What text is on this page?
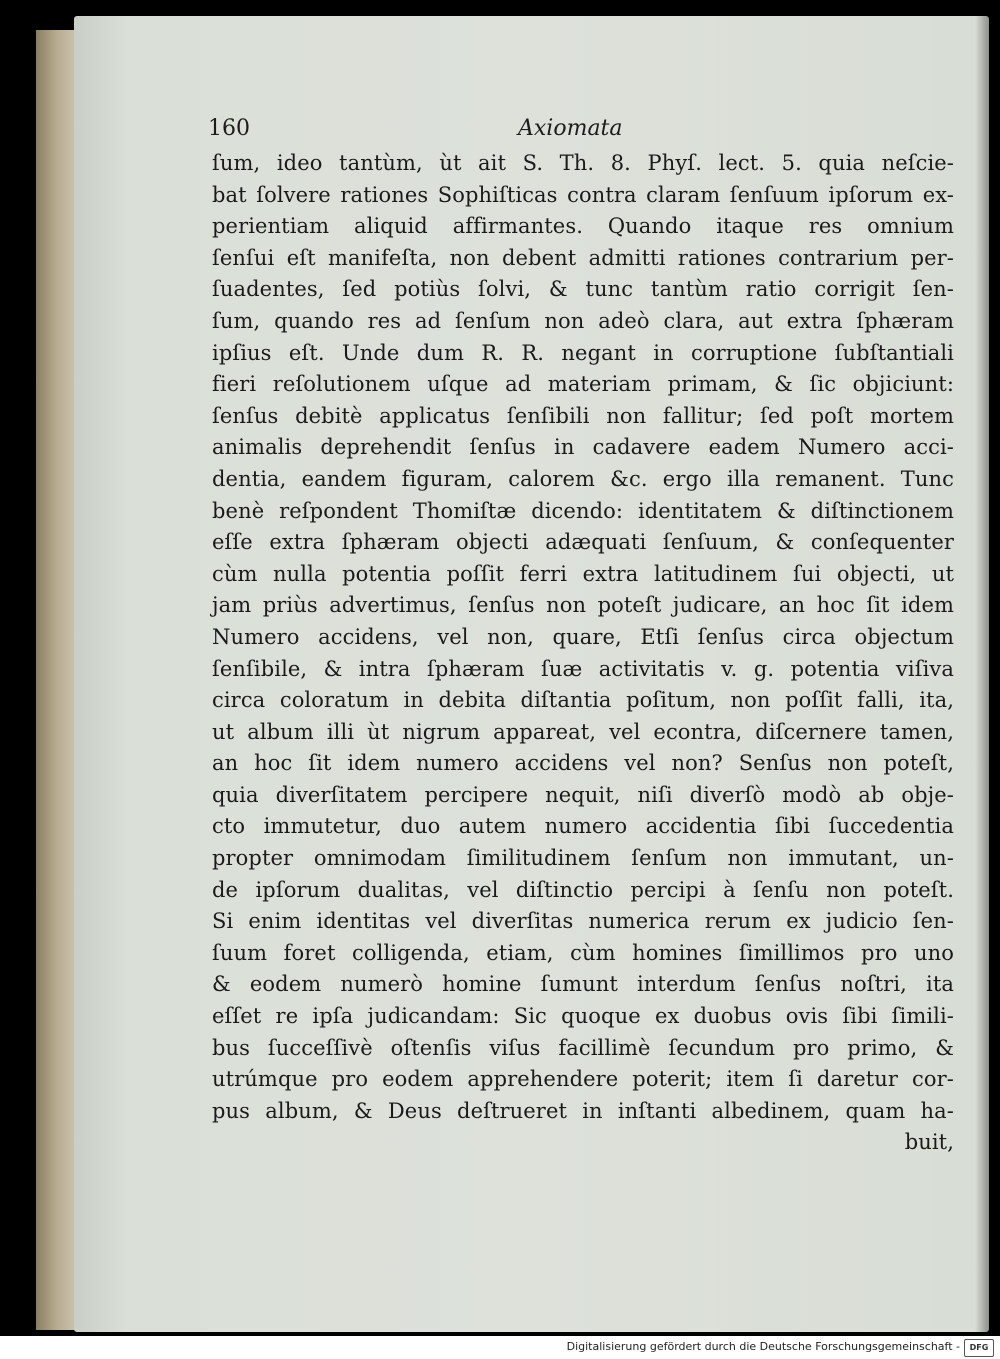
160	Axiomata
ſum, ideo tantùm, ùt ait S. Th. 8. Phyſ. lect. 5. quia neſcie-
bat ſolvere rationes Sophiſticas contra claram ſenſuum ipſorum ex-
perientiam aliquid affirmantes. Quando itaque res omnium
ſenſui eſt manifeſta, non debent admitti rationes contrarium per-
ſuadentes, ſed potiùs ſolvi, & tunc tantùm ratio corrigit ſen-
ſum, quando res ad ſenſum non adeò clara, aut extra ſphæram
ipſius eſt. Unde dum R. R. negant in corruptione ſubſtantiali
fieri reſolutionem uſque ad materiam primam, & ſic objiciunt:
ſenſus debitè applicatus ſenſibili non fallitur; ſed poſt mortem
animalis deprehendit ſenſus in cadavere eadem Numero acci-
dentia, eandem figuram, calorem &c. ergo illa remanent. Tunc
benè reſpondent Thomiſtæ dicendo: identitatem & diſtinctionem
eſſe extra ſphæram objecti adæquati ſenſuum, & conſequenter
cùm nulla potentia poſſit ferri extra latitudinem ſui objecti, ut
jam priùs advertimus, ſenſus non poteſt judicare, an hoc ſit idem
Numero accidens, vel non, quare, Etſi ſenſus circa objectum
ſenſibile, & intra ſphæram ſuæ activitatis v. g. potentia viſiva
circa coloratum in debita diſtantia poſitum, non poſſit falli, ita,
ut album illi ùt nigrum appareat, vel econtra, diſcernere tamen,
an hoc ſit idem numero accidens vel non? Senſus non poteſt,
quia diverſitatem percipere nequit, niſi diverſò modò ab obje-
cto immutetur, duo autem numero accidentia ſibi ſuccedentia
propter omnimodam ſimilitudinem ſenſum non immutant, un-
de ipſorum dualitas, vel diſtinctio percipi à ſenſu non poteſt.
Si enim identitas vel diverſitas numerica rerum ex judicio ſen-
ſuum foret colligenda, etiam, cùm homines ſimillimos pro uno
& eodem numerò homine ſumunt interdum ſenſus noſtri, ita
eſſet re ipſa judicandam: Sic quoque ex duobus ovis ſibi ſimili-
bus ſucceſſivè oſtenſis viſus facillimè ſecundum pro primo, &
utrúmque pro eodem apprehendere poterit; item ſi daretur cor-
pus album, & Deus deſtrueret in inſtanti albedinem, quam ha-
buit,
Digitalisierung gefördert durch die Deutsche Forschungsgemeinschaft -	DFG
